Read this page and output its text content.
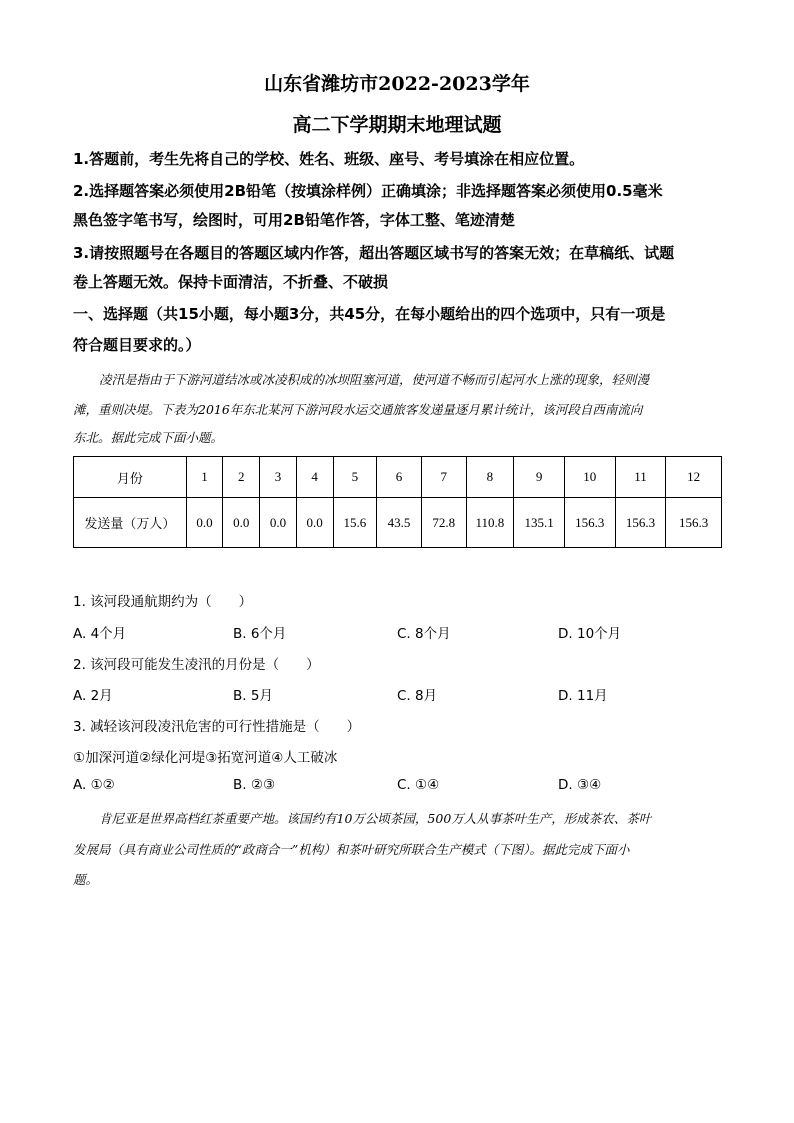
山东省潍坊市2022-2023学年
高二下学期期末地理试题
1.答题前，考生先将自己的学校、姓名、班级、座号、考号填涂在相应位置。
2.选择题答案必须使用2B铅笔（按填涂样例）正确填涂；非选择题答案必须使用0.5毫米
黑色签字笔书写，绘图时，可用2B铅笔作答，字体工整、笔迹清楚
3.请按照题号在各题目的答题区域内作答，超出答题区域书写的答案无效；在草稿纸、试题
卷上答题无效。保持卡面清洁，不折叠、不破损
一、选择题（共15小题，每小题3分，共45分，在每小题给出的四个选项中，只有一项是
符合题目要求的。）
凌汛是指由于下游河道结冰或冰凌积成的冰坝阻塞河道，使河道不畅而引起河水上涨的现象，轻则漫
滩，重则决堤。下表为2016年东北某河下游河段水运交通旅客发递量逐月累计统计，该河段自西南流向
东北。据此完成下面小题。
月份	1	2	3	4	5	6	7	8	9	10	11	12
发送量（万人）	0.0	0.0	0.0	0.0	15.6	43.5	72.8	110.8	135.1	156.3	156.3	156.3
1. 该河段通航期约为（　　）
A. 4个月	B. 6个月	C. 8个月	D. 10个月
2. 该河段可能发生凌汛的月份是（　　）
A. 2月	B. 5月	C. 8月	D. 11月
3. 减轻该河段凌汛危害的可行性措施是（　　）
①加深河道②绿化河堤③拓宽河道④人工破冰
A. ①②	B. ②③	C. ①④	D. ③④
肯尼亚是世界高档红茶重要产地。该国约有10万公顷茶园，500万人从事茶叶生产，形成茶农、茶叶
发展局（具有商业公司性质的“政商合一”机构）和茶叶研究所联合生产模式（下图）。据此完成下面小
题。
